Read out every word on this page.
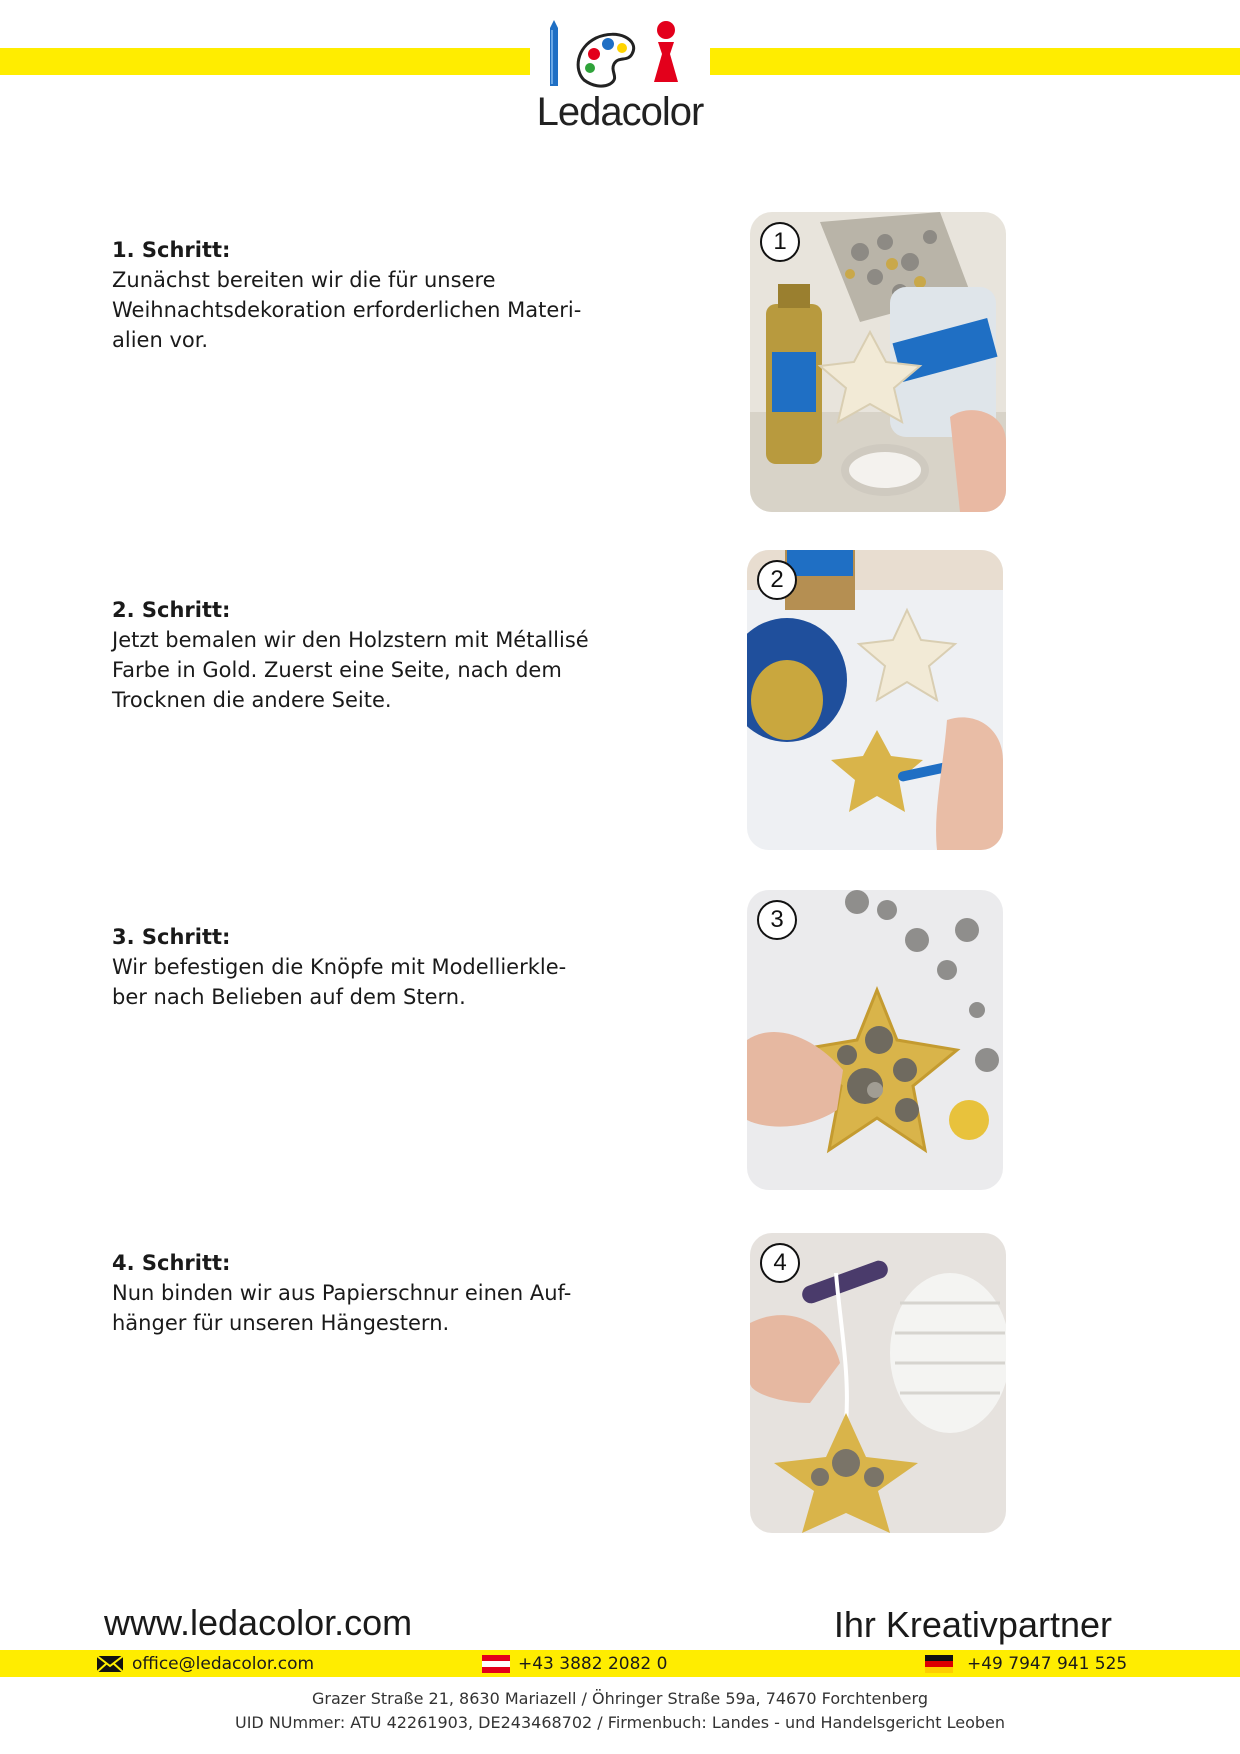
Ledacolor
1. Schritt:
Zunächst bereiten wir die für unsere
Weihnachtsdekoration erforderlichen Materi-
alien vor.
1
2. Schritt:
Jetzt bemalen wir den Holzstern mit Métallisé
Farbe in Gold. Zuerst eine Seite, nach dem
Trocknen die andere Seite.
2
3. Schritt:
Wir befestigen die Knöpfe mit Modellierkle-
ber nach Belieben auf dem Stern.
3
4. Schritt:
Nun binden wir aus Papierschnur einen Auf-
hänger für unseren Hängestern.
4
www.ledacolor.com	Ihr Kreativpartner
office@ledacolor.com	+43 3882 2082 0	+49 7947 941 525
Grazer Straße 21, 8630 Mariazell / Öhringer Straße 59a, 74670 Forchtenberg
UID NUmmer: ATU 42261903, DE243468702 / Firmenbuch: Landes - und Handelsgericht Leoben
